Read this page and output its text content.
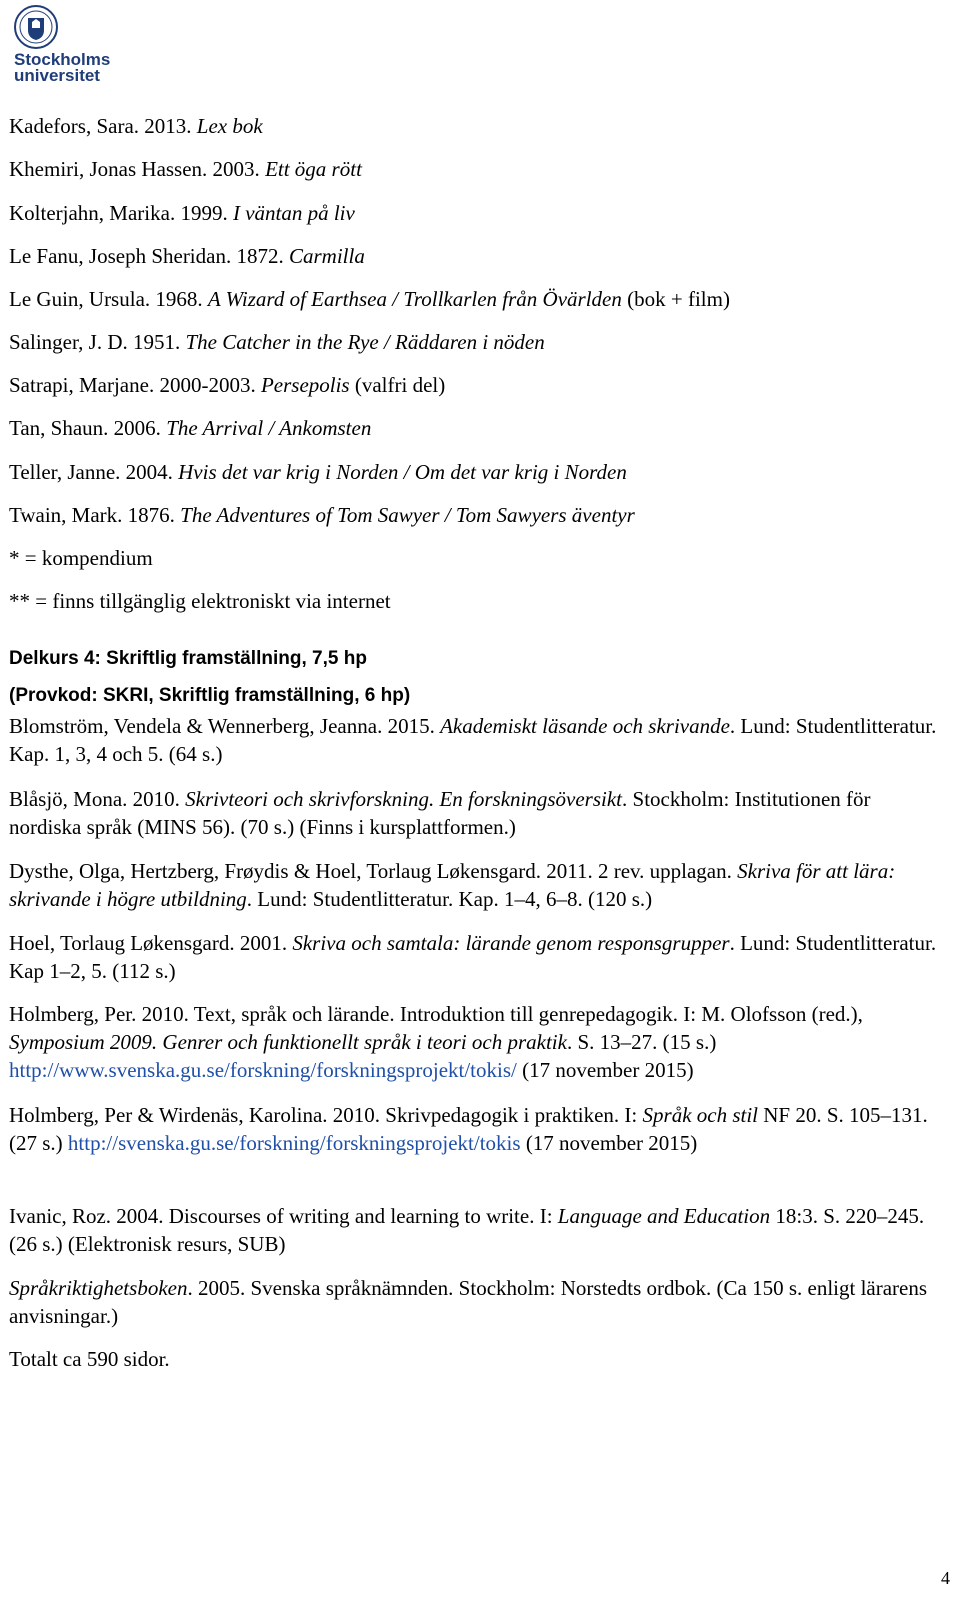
Stockholms
universitet
Kadefors, Sara. 2013. Lex bok
Khemiri, Jonas Hassen. 2003. Ett öga rött
Kolterjahn, Marika. 1999. I väntan på liv
Le Fanu, Joseph Sheridan. 1872. Carmilla
Le Guin, Ursula. 1968. A Wizard of Earthsea / Trollkarlen från Övärlden (bok + film)
Salinger, J. D. 1951. The Catcher in the Rye / Räddaren i nöden
Satrapi, Marjane. 2000-2003. Persepolis (valfri del)
Tan, Shaun. 2006. The Arrival / Ankomsten
Teller, Janne. 2004. Hvis det var krig i Norden / Om det var krig i Norden
Twain, Mark. 1876. The Adventures of Tom Sawyer / Tom Sawyers äventyr
* = kompendium
** = finns tillgänglig elektroniskt via internet
Delkurs 4: Skriftlig framställning, 7,5 hp
(Provkod: SKRI, Skriftlig framställning, 6 hp)
Blomström, Vendela & Wennerberg, Jeanna. 2015. Akademiskt läsande och skrivande. Lund: Studentlitteratur. Kap. 1, 3, 4 och 5. (64 s.)
Blåsjö, Mona. 2010. Skrivteori och skrivforskning. En forskningsöversikt. Stockholm: Institutionen för nordiska språk (MINS 56). (70 s.) (Finns i kursplattformen.)
Dysthe, Olga, Hertzberg, Frøydis & Hoel, Torlaug Løkensgard. 2011. 2 rev. upplagan. Skriva för att lära: skrivande i högre utbildning. Lund: Studentlitteratur. Kap. 1–4, 6–8. (120 s.)
Hoel, Torlaug Løkensgard. 2001. Skriva och samtala: lärande genom responsgrupper. Lund: Studentlitteratur. Kap 1–2, 5. (112 s.)
Holmberg, Per. 2010. Text, språk och lärande. Introduktion till genrepedagogik. I: M. Olofsson (red.), Symposium 2009. Genrer och funktionellt språk i teori och praktik. S. 13–27. (15 s.) http://www.svenska.gu.se/forskning/forskningsprojekt/tokis/ (17 november 2015)
Holmberg, Per & Wirdenäs, Karolina. 2010. Skrivpedagogik i praktiken. I: Språk och stil NF 20. S. 105–131. (27 s.) http://svenska.gu.se/forskning/forskningsprojekt/tokis (17 november 2015)
Ivanic, Roz. 2004. Discourses of writing and learning to write. I: Language and Education 18:3. S. 220–245. (26 s.) (Elektronisk resurs, SUB)
Språkriktighetsboken. 2005. Svenska språknämnden. Stockholm: Norstedts ordbok. (Ca 150 s. enligt lärarens anvisningar.)
Totalt ca 590 sidor.
4
